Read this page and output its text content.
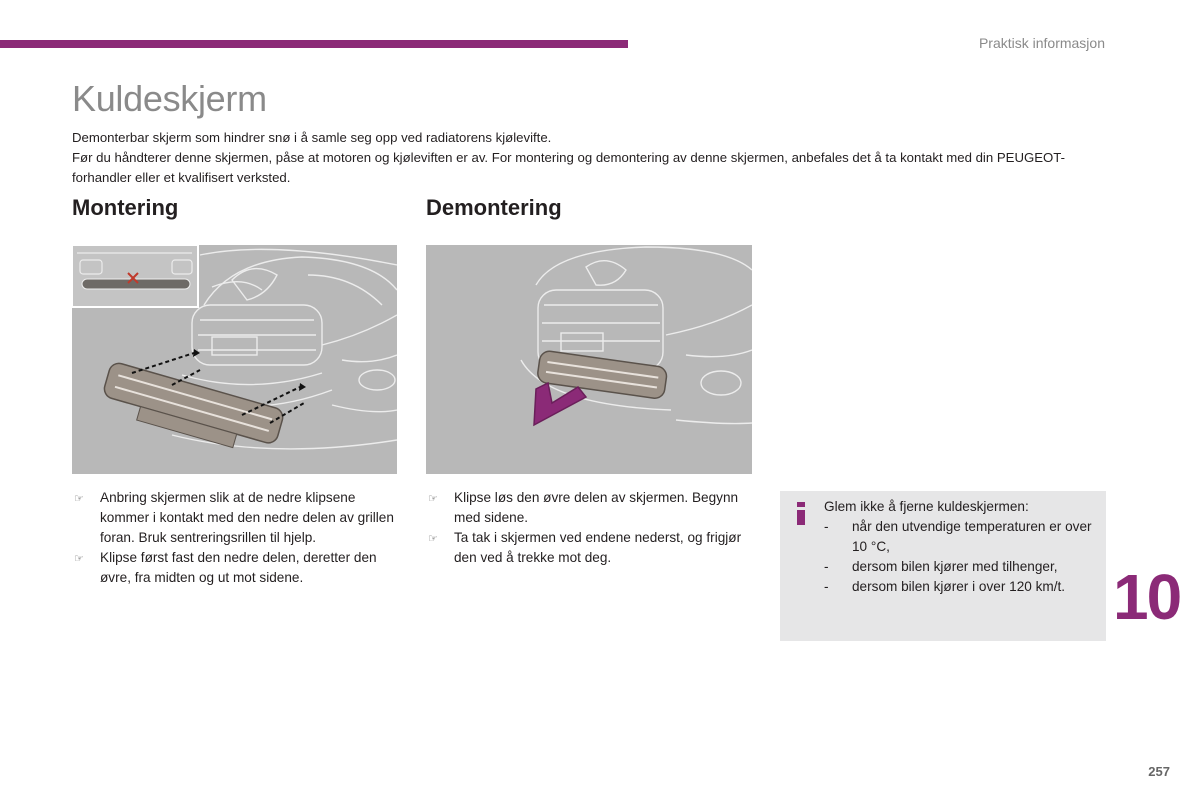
Praktisk informasjon
Kuldeskjerm

Demonterbar skjerm som hindrer snø i å samle seg opp ved radiatorens kjølevifte.

Før du håndterer denne skjermen, påse at motoren og kjøleviften er av. For montering og demontering av denne skjermen, anbefales det å ta kontakt med din PEUGEOT-forhandler eller et kvalifisert verksted.

Montering	Demontering
☞ Anbring skjermen slik at de nedre klipsene kommer i kontakt med den nedre delen av grillen foran. Bruk sentreringsrillen til hjelp.
☞ Klipse først fast den nedre delen, deretter den øvre, fra midten og ut mot sidene.
☞ Klipse løs den øvre delen av skjermen. Begynn med sidene.
☞ Ta tak i skjermen ved endene nederst, og frigjør den ved å trekke mot deg.
Glem ikke å fjerne kuldeskjermen:
- når den utvendige temperaturen er over 10 °C,
- dersom bilen kjører med tilhenger,
- dersom bilen kjører i over 120 km/t. 10
257
